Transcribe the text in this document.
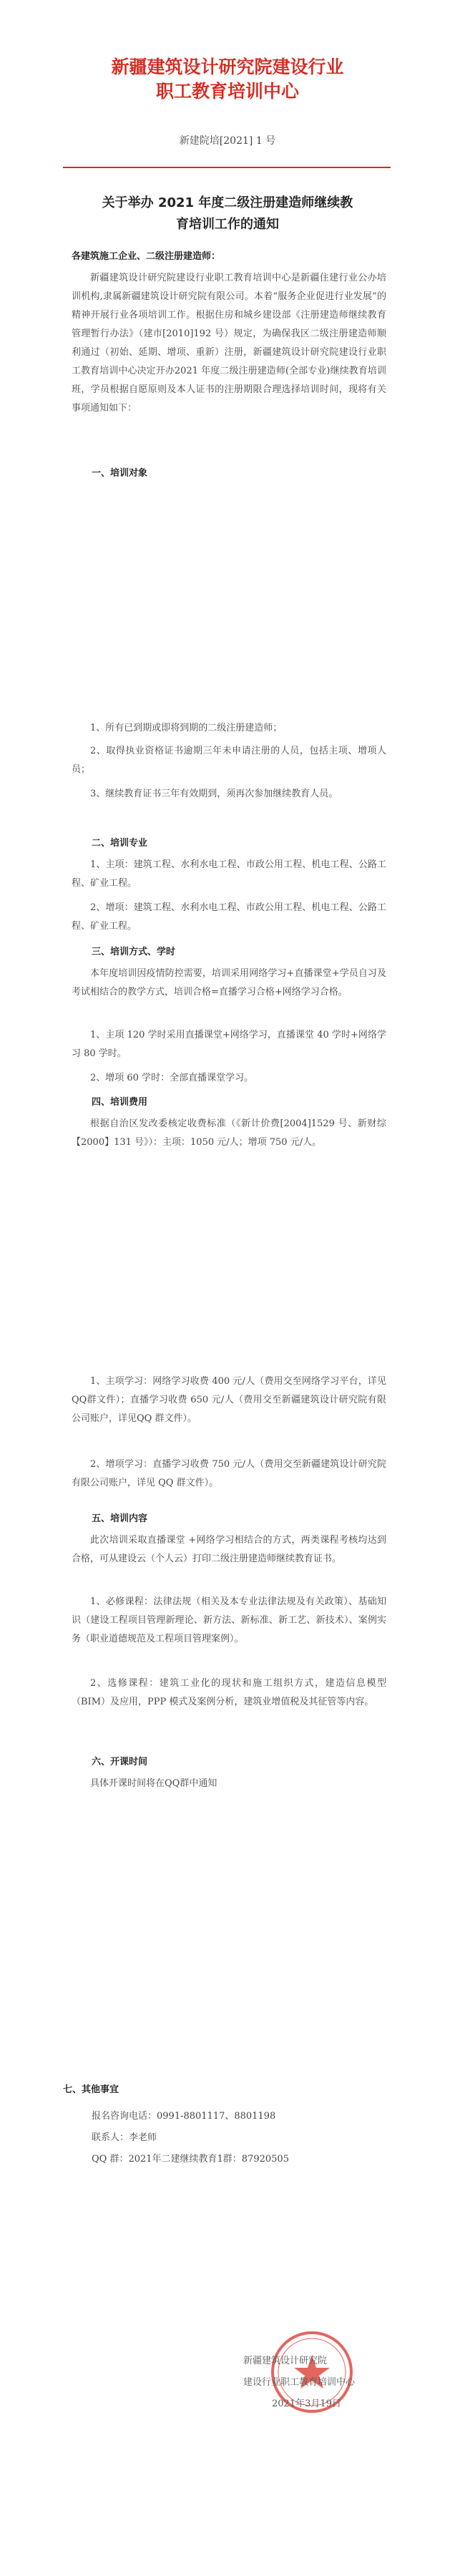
新疆建筑设计研究院建设行业
职工教育培训中心
新建院培[2021] 1 号
关于举办 2021 年度二级注册建造师继续教
育培训工作的通知
各建筑施工企业、二级注册建造师：
新疆建筑设计研究院建设行业职工教育培训中心是新疆住建行业公办培训机构,隶属新疆建筑设计研究院有限公司。本着“服务企业促进行业发展”的精神开展行业各项培训工作。根据住房和城乡建设部《注册建造师继续教育管理暂行办法》（建市[2010]192 号）规定，为确保我区二级注册建造师顺利通过（初始、延期、增项、重新）注册，新疆建筑设计研究院建设行业职工教育培训中心决定开办2021 年度二级注册建造师(全部专业)继续教育培训班，学员根据自愿原则及本人证书的注册期限合理选择培训时间，现将有关事项通知如下：
一、培训对象
1、所有已到期或即将到期的二级注册建造师；
2、取得执业资格证书逾期三年未申请注册的人员，包括主项、增项人员；
3、继续教育证书三年有效期到，须再次参加继续教育人员。
二、培训专业
1、主项：建筑工程、水利水电工程、市政公用工程、机电工程、公路工程、矿业工程。
2、增项：建筑工程、水利水电工程、市政公用工程、机电工程、公路工程、矿业工程。
三、培训方式、学时
本年度培训因疫情防控需要，培训采用网络学习+直播课堂+学员自习及考试相结合的教学方式，培训合格=直播学习合格+网络学习合格。
1、主项 120 学时采用直播课堂+网络学习，直播课堂 40 学时+网络学习 80 学时。
2、增项 60 学时：全部直播课堂学习。
四、培训费用
根据自治区发改委核定收费标准（《新计价费[2004]1529 号、新财综【2000】131 号》）：主项：1050 元/人；增项 750 元/人。
1、主项学习：网络学习收费 400 元/人（费用交至网络学习平台，详见QQ群文件）；直播学习收费 650 元/人（费用交至新疆建筑设计研究院有限公司账户，详见QQ 群文件）。
2、增项学习：直播学习收费 750 元/人（费用交至新疆建筑设计研究院有限公司账户，详见 QQ 群文件）。
五、培训内容
此次培训采取直播课堂 +网络学习相结合的方式，两类课程考核均达到合格，可从建设云（个人云）打印二级注册建造师继续教育证书。
1、必修课程：法律法规（相关及本专业法律法规及有关政策）、基础知识（建设工程项目管理新理论、新方法、新标准、新工艺、新技术）、案例实务（职业道德规范及工程项目管理案例）。
2、选修课程：建筑工业化的现状和施工组织方式，建造信息模型（BIM）及应用，PPP 模式及案例分析，建筑业增值税及其征管等内容。
六、开课时间
具体开课时间将在QQ群中通知
七、其他事宜
报名咨询电话：0991-8801117、8801198
联系人：李老师
QQ 群：2021年二建继续教育1群：87920505
新疆建筑设计研究院
建设行业职工教育培训中心
2021年3月19日
